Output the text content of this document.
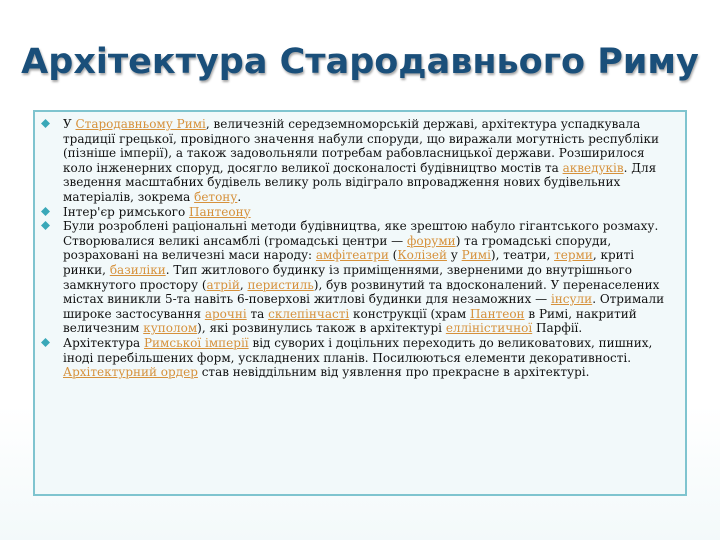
Архітектура Стародавнього Риму
У Стародавньому Римі, величезній середземноморській державі, архітектура успадкувала традиції грецької, провідного значення набули споруди, що виражали могутність республіки (пізніше імперії), а також задовольняли потребам рабовласницької держави. Розширилося коло інженерних споруд, досягло великої досконалості будівництво мостів та акведуків. Для зведення масштабних будівель велику роль відіграло впровадження нових будівельних матеріалів, зокрема бетону.
Інтер'єр римського Пантеону
Були розроблені раціональні методи будівництва, яке зрештою набуло гігантського розмаху. Створювалися великі ансамблі (громадські центри — форуми) та громадські споруди, розраховані на величезні маси народу: амфітеатри (Колізей у Римі), театри, терми, криті ринки, базиліки. Тип житлового будинку із приміщеннями, зверненими до внутрішнього замкнутого простору (атрій, перистиль), був розвинутий та вдосконалений. У перенаселених містах виникли 5-та навіть 6-поверхові житлові будинки для незаможних — інсули. Отримали широке застосування арочні та склепінчасті конструкції (храм Пантеон в Римі, накритий величезним куполом), які розвинулись також в архітектурі еллiністичної Парфії.
Архітектура Римської імперії від суворих і доцільних переходить до великоватових, пишних, іноді перебільшених форм, ускладнених планів. Посилюються елементи декоративності. Архітектурний ордер став невіддільним від уявлення про прекрасне в архітектурі.
